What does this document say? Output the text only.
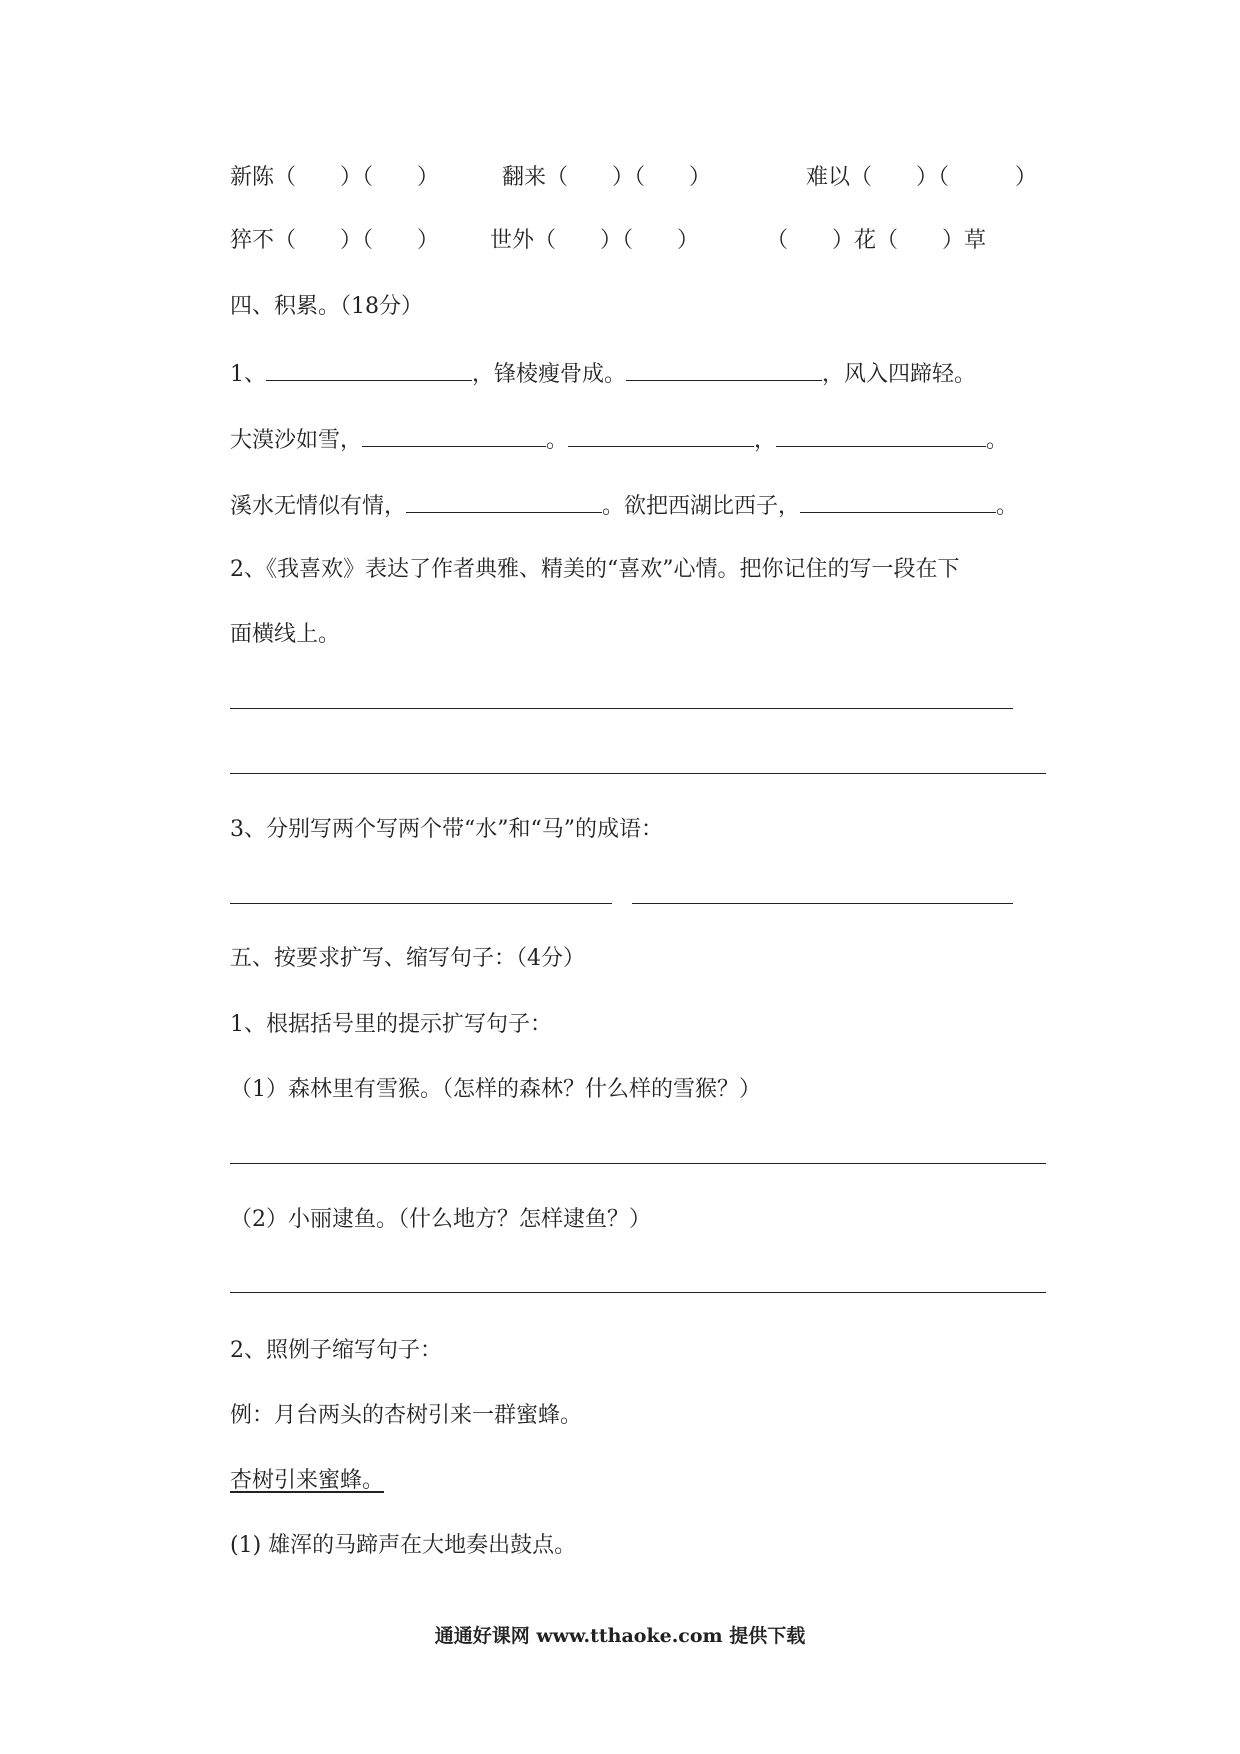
新陈（　　）（　　）	翻来（　　）（　　）	难以（　　）（　　　）
猝不（　　）（　　） 世外（　　）（　　）	（　　）花（　　）草
四、积累。（18分）
1、	，锋棱瘦骨成。	，风入四蹄轻。
大漠沙如雪，	。	，	。
溪水无情似有情，	。欲把西湖比西子，	。
2、《我喜欢》表达了作者典雅、精美的“喜欢”心情。把你记住的写一段在下
面横线上。
3、分别写两个写两个带“水”和“马”的成语：
五、按要求扩写、缩写句子：（4分）
1、根据括号里的提示扩写句子：
（1）森林里有雪猴。（怎样的森林？什么样的雪猴？）
（2）小丽逮鱼。（什么地方？怎样逮鱼？）
2、照例子缩写句子：
例：月台两头的杏树引来一群蜜蜂。
杏树引来蜜蜂。
(1) 雄浑的马蹄声在大地奏出鼓点。
通通好课网 www.tthaoke.com 提供下载
